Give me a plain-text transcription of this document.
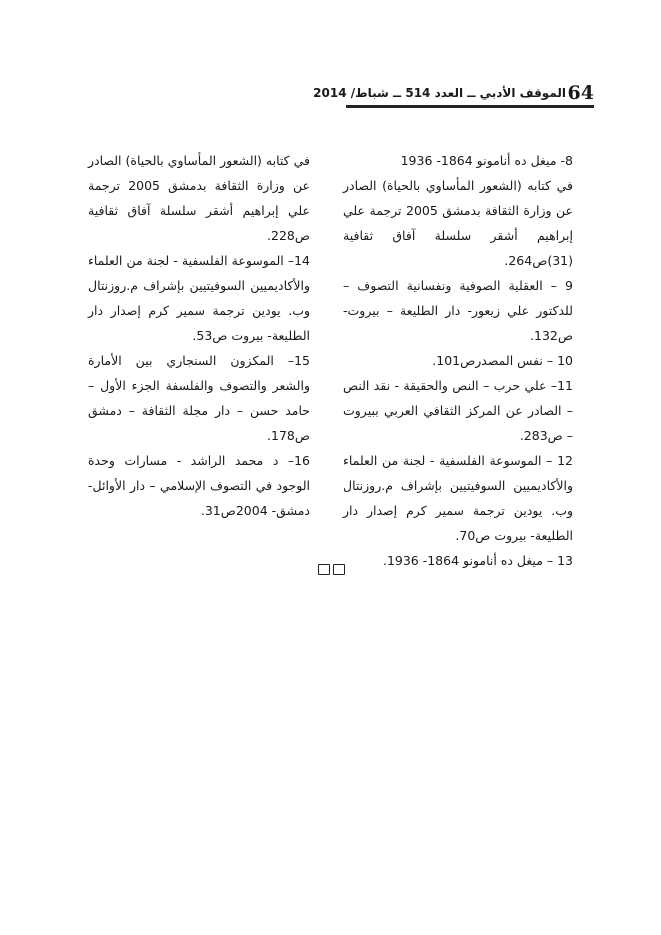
64
الموقف الأدبي ــ العدد 514 ــ شباط/ 2014

8- ميغل ده أنامونو 1864- 1936

في كتابه (الشعور المأساوي بالحياة) الصادر عن وزارة الثقافة بدمشق 2005 ترجمة علي إبراهيم أشقر سلسلة آفاق ثقافية (31)ص264.

9 – العقلية الصوفية ونفسانية التصوف – للدكتور علي زيعور- دار الطليعة – بيروت- ص132.

10 – نفس المصدرص101.

11– علي حرب – النص والحقيقة - نقد النص – الصادر عن المركز الثقافي العربي ببيروت – ص283.

12 – الموسوعة الفلسفية - لجنة من العلماء والأكاديميين السوفيتيين بإشراف م.روزنتال وب. يودين ترجمة سمير كرم إصدار دار الطليعة- بيروت ص70.

13 – ميغل ده أنامونو 1864- 1936.

في كتابه (الشعور المأساوي بالحياة) الصادر عن وزارة الثقافة بدمشق 2005 ترجمة علي إبراهيم أشقر سلسلة آفاق ثقافية ص228.

14– الموسوعة الفلسفية - لجنة من العلماء والأكاديميين السوفيتيين بإشراف م.روزنتال وب. يودين ترجمة سمير كرم إصدار دار الطليعة- بيروت ص53.

15– المكزون السنجاري بين الأمارة والشعر والتصوف والفلسفة الجزء الأول – حامد حسن – دار مجلة الثقافة – دمشق ص178.

16– د محمد الراشد - مسارات وحدة الوجود في التصوف الإسلامي – دار الأوائل- دمشق- 2004ص31.
